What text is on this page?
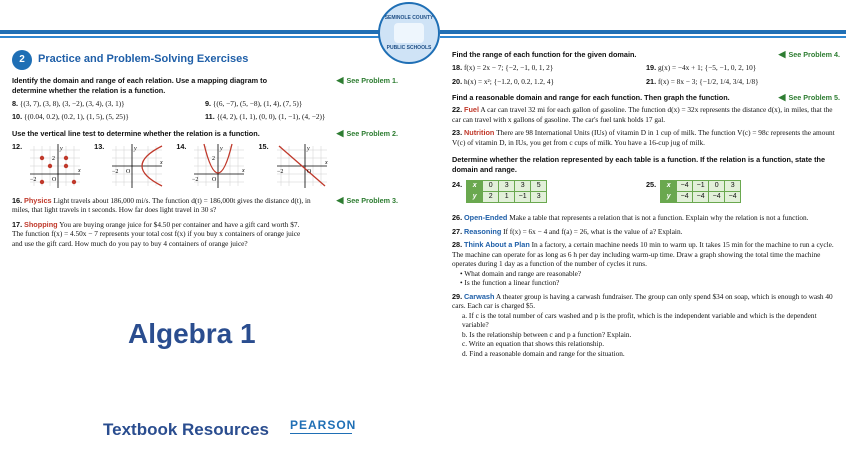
SEMINOLE COUNTY
PUBLIC SCHOOLS
2	Practice and Problem-Solving Exercises
Identify the domain and range of each relation. Use a mapping diagram to determine whether the relation is a function.
◀ See Problem 1.
8. {(3, 7), (3, 8), (3, −2), (3, 4), (3, 1)}	9. {(6, −7), (5, −8), (1, 4), (7, 5)}
10. {(0.04, 0.2), (0.2, 1), (1, 5), (5, 25)}	11. {(4, 2), (1, 1), (0, 0), (1, −1), (4, −2)}
Use the vertical line test to determine whether the relation is a function.	◀ See Problem 2.
12.	y
x
2
−2	O
13.	y
x
−2 O
14.	y
x
2
−2 O
15.	y
x
−2	O
16. Physics Light travels about 186,000 mi/s. The function d(t) = 186,000t gives the distance d(t), in miles, that light travels in t seconds. How far does light travel in 30 s?
◀ See Problem 3.
17. Shopping You are buying orange juice for $4.50 per container and have a gift card worth $7. The function f(x) = 4.50x − 7 represents your total cost f(x) if you buy x containers of orange juice and use the gift card. How much do you pay to buy 4 containers of orange juice?
Find the range of each function for the given domain.	◀ See Problem 4.
18. f(x) = 2x − 7; {−2, −1, 0, 1, 2}	19. g(x) = −4x + 1; {−5, −1, 0, 2, 10}
20. h(x) = x²; {−1.2, 0, 0.2, 1.2, 4}	21. f(x) = 8x − 3; {−1/2, 1/4, 3/4, 1/8}
Find a reasonable domain and range for each function. Then graph the function.	◀ See Problem 5.
22. Fuel A car can travel 32 mi for each gallon of gasoline. The function d(x) = 32x represents the distance d(x), in miles, that the car can travel with x gallons of gasoline. The car's fuel tank holds 17 gal.
23. Nutrition There are 98 International Units (IUs) of vitamin D in 1 cup of milk. The function V(c) = 98c represents the amount V(c) of vitamin D, in IUs, you get from c cups of milk. You have a 16-cup jug of milk.
Determine whether the relation represented by each table is a function. If the relation is a function, state the domain and range.
24. x	0	3	3	5
y	2	1	−1	3
25. x	−4	−1	0	3
y	−4	−4	−4	−4
26. Open-Ended Make a table that represents a relation that is not a function. Explain why the relation is not a function.
27. Reasoning If f(x) = 6x − 4 and f(a) = 26, what is the value of a? Explain.
28. Think About a Plan In a factory, a certain machine needs 10 min to warm up. It takes 15 min for the machine to run a cycle. The machine can operate for as long as 6 h per day including warm-up time. Draw a graph showing the total time the machine operates during 1 day as a function of the number of cycles it runs.
• What domain and range are reasonable?
• Is the function a linear function?
29. Carwash A theater group is having a carwash fundraiser. The group can only spend $34 on soap, which is enough to wash 40 cars. Each car is charged $5.
a. If c is the total number of cars washed and p is the profit, which is the independent variable and which is the dependent variable?
b. Is the relationship between c and p a function? Explain.
c. Write an equation that shows this relationship.
d. Find a reasonable domain and range for the situation.
Algebra 1
Textbook Resources PEARSON
